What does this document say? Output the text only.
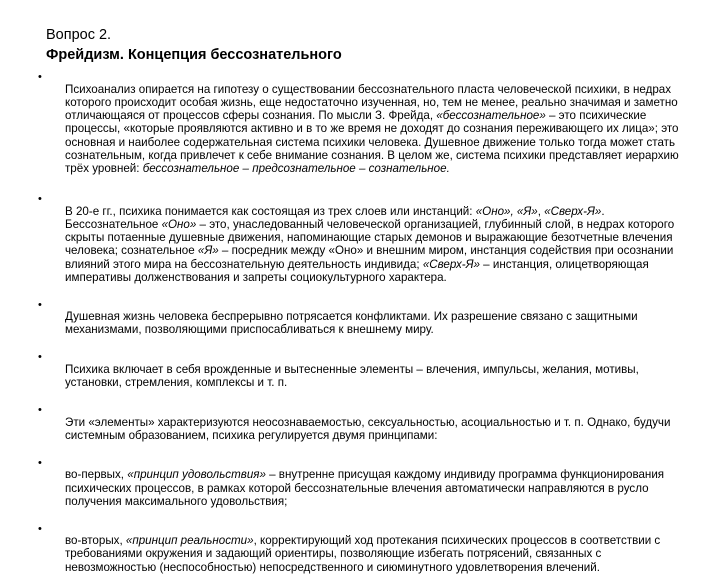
Вопрос 2.
Фрейдизм. Концепция бессознательного
•

Психоанализ опирается на гипотезу о существовании бессознательного пласта человеческой психики, в недрах которого происходит особая жизнь, еще недостаточно изученная, но, тем не менее, реально значимая и заметно отличающаяся от процессов сферы сознания. По мысли З. Фрейда, «бессознательное» – это психические процессы, «которые проявляются активно и в то же время не доходят до сознания переживающего их лица»; это основная и наиболее содержательная система психики человека. Душевное движение только тогда может стать сознательным, когда привлечет к себе внимание сознания. В целом же, система психики представляет иерархию трёх уровней: бессознательное – предсознательное – сознательное.

•

В 20-е гг., психика понимается как состоящая из трех слоев или инстанций: «Оно», «Я», «Сверх-Я». Бессознательное «Оно» – это, унаследованный человеческой организацией, глубинный слой, в недрах которого скрыты потаенные душевные движения, напоминающие старых демонов и выражающие безотчетные влечения человека; сознательное «Я» – посредник между «Оно» и внешним миром, инстанция содействия при осознании влияний этого мира на бессознательную деятельность индивида; «Сверх-Я» – инстанция, олицетворяющая императивы долженствования и запреты социокультурного характера.

•

Душевная жизнь человека беспрерывно потрясается конфликтами. Их разрешение связано с защитными механизмами, позволяющими приспосабливаться к внешнему миру.

•

Психика включает в себя врожденные и вытесненные элементы – влечения, импульсы, желания, мотивы, установки, стремления, комплексы и т. п.

•

Эти «элементы» характеризуются неосознаваемостью, сексуальностью, асоциальностью и т. п. Однако, будучи системным образованием, психика регулируется двумя принципами:

•

во-первых, «принцип удовольствия» – внутренне присущая каждому индивиду программа функционирования психических процессов, в рамках которой бессознательные влечения автоматически направляются в русло получения максимального удовольствия;

•

во-вторых, «принцип реальности», корректирующий ход протекания психических процессов в соответствии с требованиями окружения и задающий ориентиры, позволяющие избегать потрясений, связанных с невозможностью (неспособностью) непосредственного и сиюминутного удовлетворения влечений.
